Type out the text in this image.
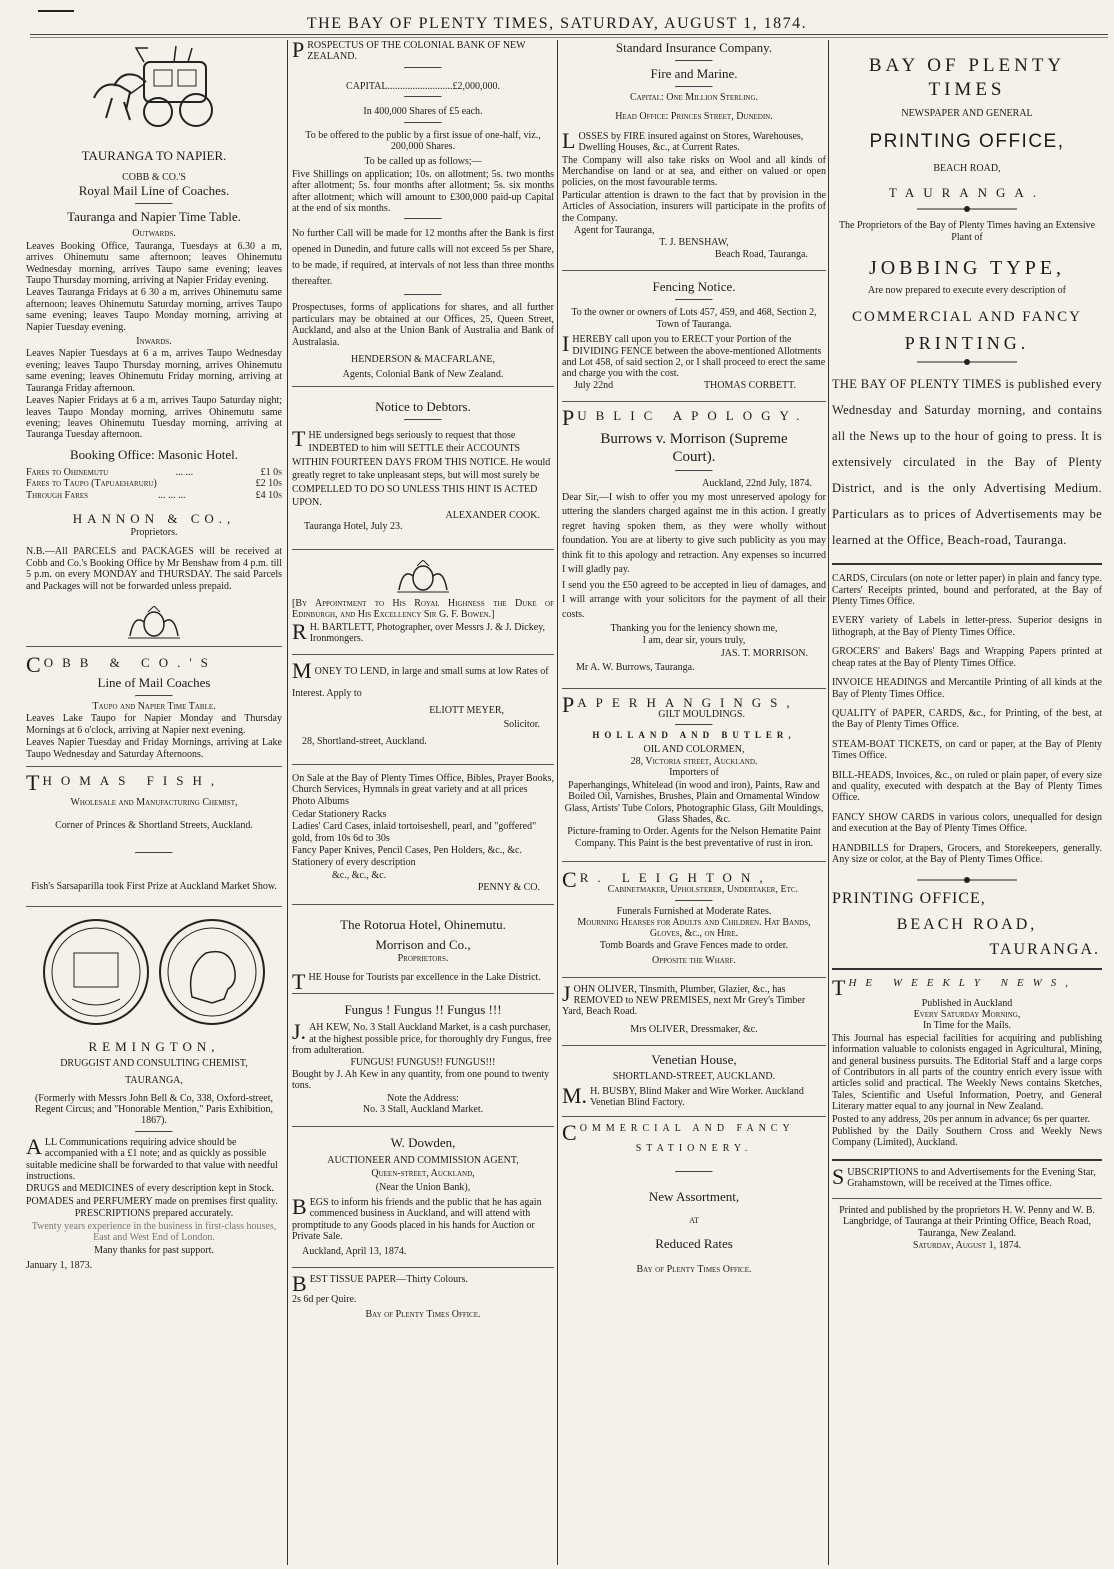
THE BAY OF PLENTY TIMES, SATURDAY, AUGUST 1, 1874.
TAURANGA TO NAPIER.
COBB & CO.'S
Royal Mail Line of Coaches.
Tauranga and Napier Time Table.
Outwards.

Leaves Booking Office, Tauranga, Tuesdays at 6.30 a m, arrives Ohinemutu same afternoon; leaves Ohinemutu Wednesday morning, arrives Taupo same evening; leaves Taupo Thursday morning, arriving at Napier Friday evening.

Leaves Tauranga Fridays at 6 30 a m, arrives Ohinemutu same afternoon; leaves Ohinemutu Saturday morning, arrives Taupo same evening; leaves Taupo Monday morning, arriving at Napier Tuesday evening.

Inwards.

Leaves Napier Tuesdays at 6 a m, arrives Taupo Wednesday evening; leaves Taupo Thursday morning, arrives Ohinemutu same evening; leaves Ohinemutu Friday morning, arriving at Tauranga Friday afternoon.

Leaves Napier Fridays at 6 a m, arrives Taupo Saturday night; leaves Taupo Monday morning, arrives Ohinemutu same evening; leaves Ohinemutu Tuesday morning, arriving at Tauranga Tuesday afternoon.

Booking Office: Masonic Hotel.
Fares to Ohinemutu	... ...	£1 0s
Fares to Taupo (Tapuaeharuru)	£2 10s
Through Fares	... ... ...	£4 10s
HANNON & CO.,
Proprietors.

N.B.—All PARCELS and PACKAGES will be received at Cobb and Co.'s Booking Office by Mr Benshaw from 4 p.m. till 5 p.m. on every MONDAY and THURSDAY. The said Parcels and Packages will not be forwarded unless prepaid.

C OBB & CO.'S
Line of Mail Coaches
Taupo and Napier Time Table.

Leaves Lake Taupo for Napier Monday and Thursday Mornings at 6 o'clock, arriving at Napier next evening.

Leaves Napier Tuesday and Friday Mornings, arriving at Lake Taupo Wednesday and Saturday Afternoons.

T HOMAS FISH,
Wholesale and Manufacturing Chemist,
Corner of Princes & Shortland Streets, Auckland.
Fish's Sarsaparilla took First Prize at Auckland Market Show.
REMINGTON,
DRUGGIST AND CONSULTING CHEMIST,
TAURANGA,

(Formerly with Messrs John Bell & Co, 338, Oxford-street, Regent Circus; and "Honorable Mention," Paris Exhibition, 1867).

A LL Communications requiring advice should be accompanied with a £1 note; and as quickly as possible suitable medicine shall be forwarded to that value with needful instructions.

DRUGS and MEDICINES of every description kept in Stock.

POMADES and PERFUMERY made on premises first quality.

PRESCRIPTIONS prepared accurately.

Twenty years experience in the business in first-class houses, East and West End of London.

Many thanks for past support.

January 1, 1873.

P ROSPECTUS OF THE COLONIAL BANK OF NEW ZEALAND.
CAPITAL..........................£2,000,000.
In 400,000 Shares of £5 each.

To be offered to the public by a first issue of one-half, viz., 200,000 Shares.

To be called up as follows;—

Five Shillings on application; 10s. on allotment; 5s. two months after allotment; 5s. four months after allotment; 5s. six months after allotment; which will amount to £300,000 paid-up Capital at the end of six months.

No further Call will be made for 12 months after the Bank is first opened in Dunedin, and future calls will not exceed 5s per Share, to be made, if required, at intervals of not less than three months thereafter.

Prospectuses, forms of applications for shares, and all further particulars may be obtained at our Offices, 25, Queen Street, Auckland, and also at the Union Bank of Australia and Bank of Australasia.

HENDERSON & MACFARLANE,
Agents, Colonial Bank of New Zealand.
Notice to Debtors.
T HE undersigned begs seriously to request that those INDEBTED to him will SETTLE their ACCOUNTS WITHIN FOURTEEN DAYS FROM THIS NOTICE. He would greatly regret to take unpleasant steps, but will most surely be COMPELLED TO DO SO UNLESS THIS HINT IS ACTED UPON.
ALEXANDER COOK.
Tauranga Hotel, July 23.

[By Appointment to His Royal Highness the Duke of Edinburgh, and His Excellency Sir G. F. Bowen.]

R H. BARTLETT, Photographer, over Messrs J. & J. Dickey, Ironmongers.
M ONEY TO LEND, in large and small sums at low Rates of Interest. Apply to
ELIOTT MEYER,
Solicitor.
28, Shortland-street, Auckland.

On Sale at the Bay of Plenty Times Office, Bibles, Prayer Books, Church Services, Hymnals in great variety and at all prices

Photo Albums

Cedar Stationery Racks

Ladies' Card Cases, inlaid tortoiseshell, pearl, and "goffered" gold, from 10s 6d to 30s

Fancy Paper Knives, Pencil Cases, Pen Holders, &c., &c.

Stationery of every description

&c., &c., &c.

PENNY & CO.
The Rotorua Hotel, Ohinemutu.
Morrison and Co.,
Proprietors.
T HE House for Tourists par excellence in the Lake District.
Fungus ! Fungus !! Fungus !!!
J. AH KEW, No. 3 Stall Auckland Market, is a cash purchaser, at the highest possible price, for thoroughly dry Fungus, free from adulteration.
FUNGUS! FUNGUS!! FUNGUS!!!

Bought by J. Ah Kew in any quantity, from one pound to twenty tons.

Note the Address:
No. 3 Stall, Auckland Market.
W. Dowden,
AUCTIONEER AND COMMISSION AGENT,
Queen-street, Auckland,
(Near the Union Bank),
B EGS to inform his friends and the public that he has again commenced business in Auckland, and will attend with promptitude to any Goods placed in his hands for Auction or Private Sale.
Auckland, April 13, 1874.
B EST TISSUE PAPER—Thirty Colours.
2s 6d per Quire.
Bay of Plenty Times Office.
Standard Insurance Company.
Fire and Marine.
Capital: One Million Sterling.
Head Office: Princes Street, Dunedin.
L OSSES by FIRE insured against on Stores, Warehouses, Dwelling Houses, &c., at Current Rates.

The Company will also take risks on Wool and all kinds of Merchandise on land or at sea, and either on valued or open policies, on the most favourable terms.

Particular attention is drawn to the fact that by provision in the Articles of Association, insurers will participate in the profits of the Company.

Agent for Tauranga,

T. J. BENSHAW,
Beach Road, Tauranga.
Fencing Notice.

To the owner or owners of Lots 457, 459, and 468, Section 2, Town of Tauranga.

I HEREBY call upon you to ERECT your Portion of the DIVIDING FENCE between the above-mentioned Allotments and Lot 458, of said section 2, or I shall proceed to erect the same and charge you with the cost.
July 22nd	THOMAS CORBETT.
P UBLIC APOLOGY.
Burrows v. Morrison (Supreme Court).
Auckland, 22nd July, 1874.

Dear Sir,—I wish to offer you my most unreserved apology for uttering the slanders charged against me in this action. I greatly regret having spoken them, as they were wholly without foundation. You are at liberty to give such publicity as you may think fit to this apology and retraction. Any expenses so incurred I will gladly pay.

I send you the £50 agreed to be accepted in lieu of damages, and I will arrange with your solicitors for the payment of all their costs.

Thanking you for the leniency shown me,

I am, dear sir, yours truly,

JAS. T. MORRISON.
Mr A. W. Burrows, Tauranga.
P APERHANGINGS,
GILT MOULDINGS.
HOLLAND AND BUTLER,
OIL AND COLORMEN,
28, Victoria street, Auckland.
Importers of

Paperhangings, Whitelead (in wood and iron), Paints, Raw and Boiled Oil, Varnishes, Brushes, Plain and Ornamental Window Glass, Artists' Tube Colors, Photographic Glass, Gilt Mouldings, Glass Shades, &c.

Picture-framing to Order. Agents for the Nelson Hematite Paint Company. This Paint is the best preventative of rust in iron.

C R. LEIGHTON,
Cabinetmaker, Upholsterer, Undertaker, Etc.
Funerals Furnished at Moderate Rates.
Mourning Hearses for Adults and Children. Hat Bands, Gloves, &c., on Hire.
Tomb Boards and Grave Fences made to order.
Opposite the Wharf.
J OHN OLIVER, Tinsmith, Plumber, Glazier, &c., has REMOVED to NEW PREMISES, next Mr Grey's Timber Yard, Beach Road.
Mrs OLIVER, Dressmaker, &c.
Venetian House,
SHORTLAND-STREET, AUCKLAND.
M. H. BUSBY, Blind Maker and Wire Worker. Auckland Venetian Blind Factory.
C OMMERCIAL AND FANCY
STATIONERY.
New Assortment,
AT
Reduced Rates
Bay of Plenty Times Office.
BAY OF PLENTY TIMES
NEWSPAPER AND GENERAL
PRINTING OFFICE,
BEACH ROAD,
TAURANGA.

The Proprietors of the Bay of Plenty Times having an Extensive Plant of

JOBBING TYPE,

Are now prepared to execute every description of

COMMERCIAL AND FANCY
PRINTING.

THE BAY OF PLENTY TIMES is published every Wednesday and Saturday morning, and contains all the News up to the hour of going to press. It is extensively circulated in the Bay of Plenty District, and is the only Advertising Medium. Particulars as to prices of Advertisements may be learned at the Office, Beach-road, Tauranga.

CARDS, Circulars (on note or letter paper) in plain and fancy type. Carters' Receipts printed, bound and perforated, at the Bay of Plenty Times Office.

EVERY variety of Labels in letter-press. Superior designs in lithograph, at the Bay of Plenty Times Office.

GROCERS' and Bakers' Bags and Wrapping Papers printed at cheap rates at the Bay of Plenty Times Office.

INVOICE HEADINGS and Mercantile Printing of all kinds at the Bay of Plenty Times Office.

QUALITY of PAPER, CARDS, &c., for Printing, of the best, at the Bay of Plenty Times Office.

STEAM-BOAT TICKETS, on card or paper, at the Bay of Plenty Times Office.

BILL-HEADS, Invoices, &c., on ruled or plain paper, of every size and quality, executed with despatch at the Bay of Plenty Times Office.

FANCY SHOW CARDS in various colors, unequalled for design and execution at the Bay of Plenty Times Office.

HANDBILLS for Drapers, Grocers, and Storekeepers, generally. Any size or color, at the Bay of Plenty Times Office.

PRINTING OFFICE,
BEACH ROAD,
TAURANGA.
T HE WEEKLY NEWS,
Published in Auckland
Every Saturday Morning,
In Time for the Mails.

This Journal has especial facilities for acquiring and publishing information valuable to colonists engaged in Agricultural, Mining, and general business pursuits. The Editorial Staff and a large corps of Contributors in all parts of the country enrich every issue with articles solid and practical. The Weekly News contains Sketches, Tales, Scientific and Useful Information, Poetry, and General Literary matter equal to any journal in New Zealand.

Posted to any address, 20s per annum in advance; 6s per quarter.

Published by the Daily Southern Cross and Weekly News Company (Limited), Auckland.

S UBSCRIPTIONS to and Advertisements for the Evening Star, Grahamstown, will be received at the Times office.

Printed and published by the proprietors H. W. Penny and W. B. Langbridge, of Tauranga at their Printing Office, Beach Road, Tauranga, New Zealand.

Saturday, August 1, 1874.
